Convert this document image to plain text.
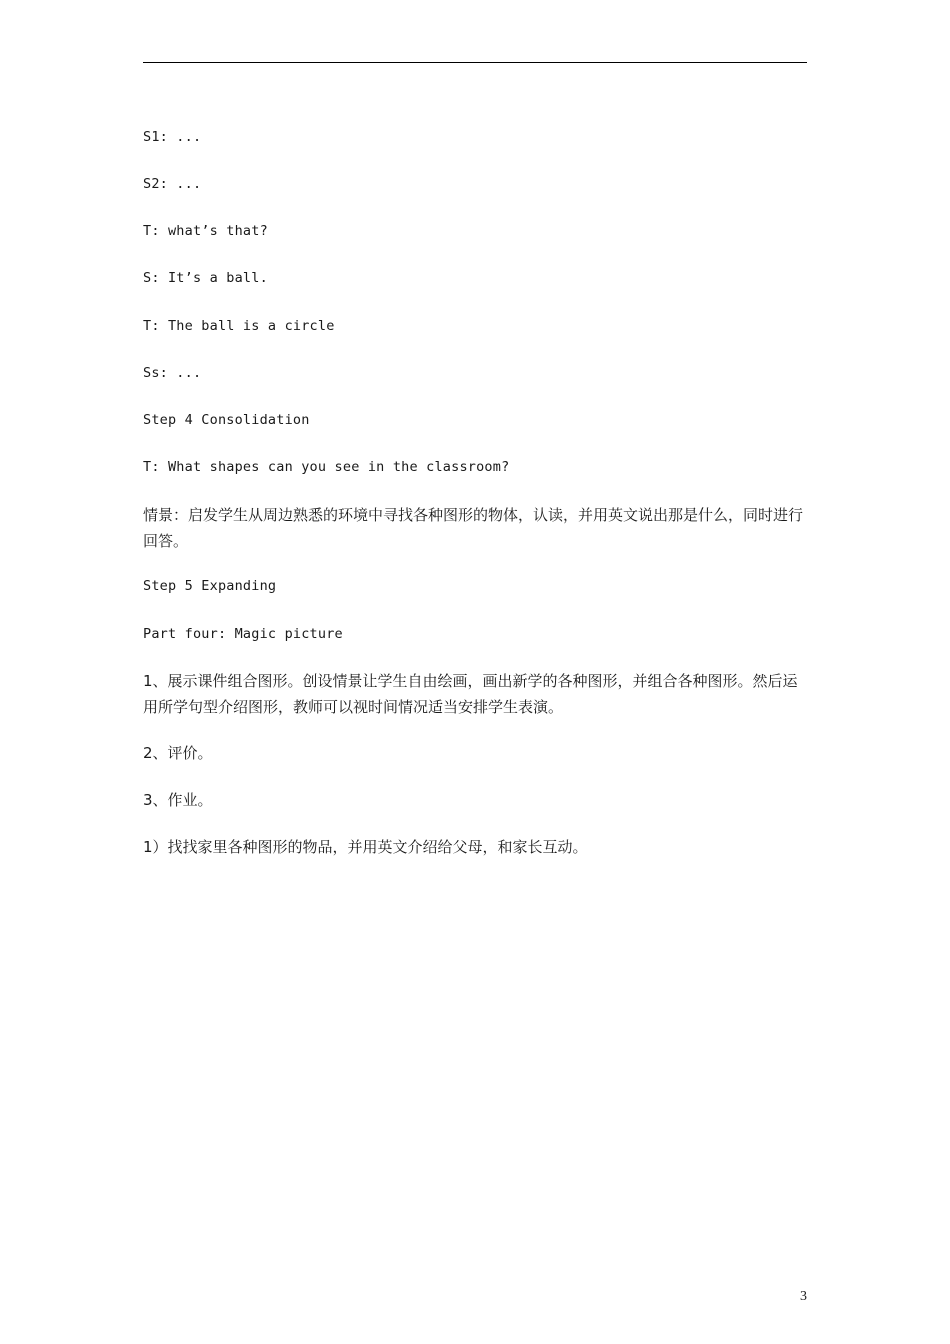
S1: ...
S2: ...
T: what’s that?
S: It’s a ball.
T: The ball is a circle
Ss: ...
Step 4 Consolidation
T: What shapes can you see in the classroom?
情景：启发学生从周边熟悉的环境中寻找各种图形的物体，认读，并用英文说出那是什么，同时进行回答。
Step 5 Expanding
Part four: Magic picture
1、展示课件组合图形。创设情景让学生自由绘画，画出新学的各种图形，并组合各种图形。然后运用所学句型介绍图形，教师可以视时间情况适当安排学生表演。
2、评价。
3、作业。
1）找找家里各种图形的物品，并用英文介绍给父母，和家长互动。
3
